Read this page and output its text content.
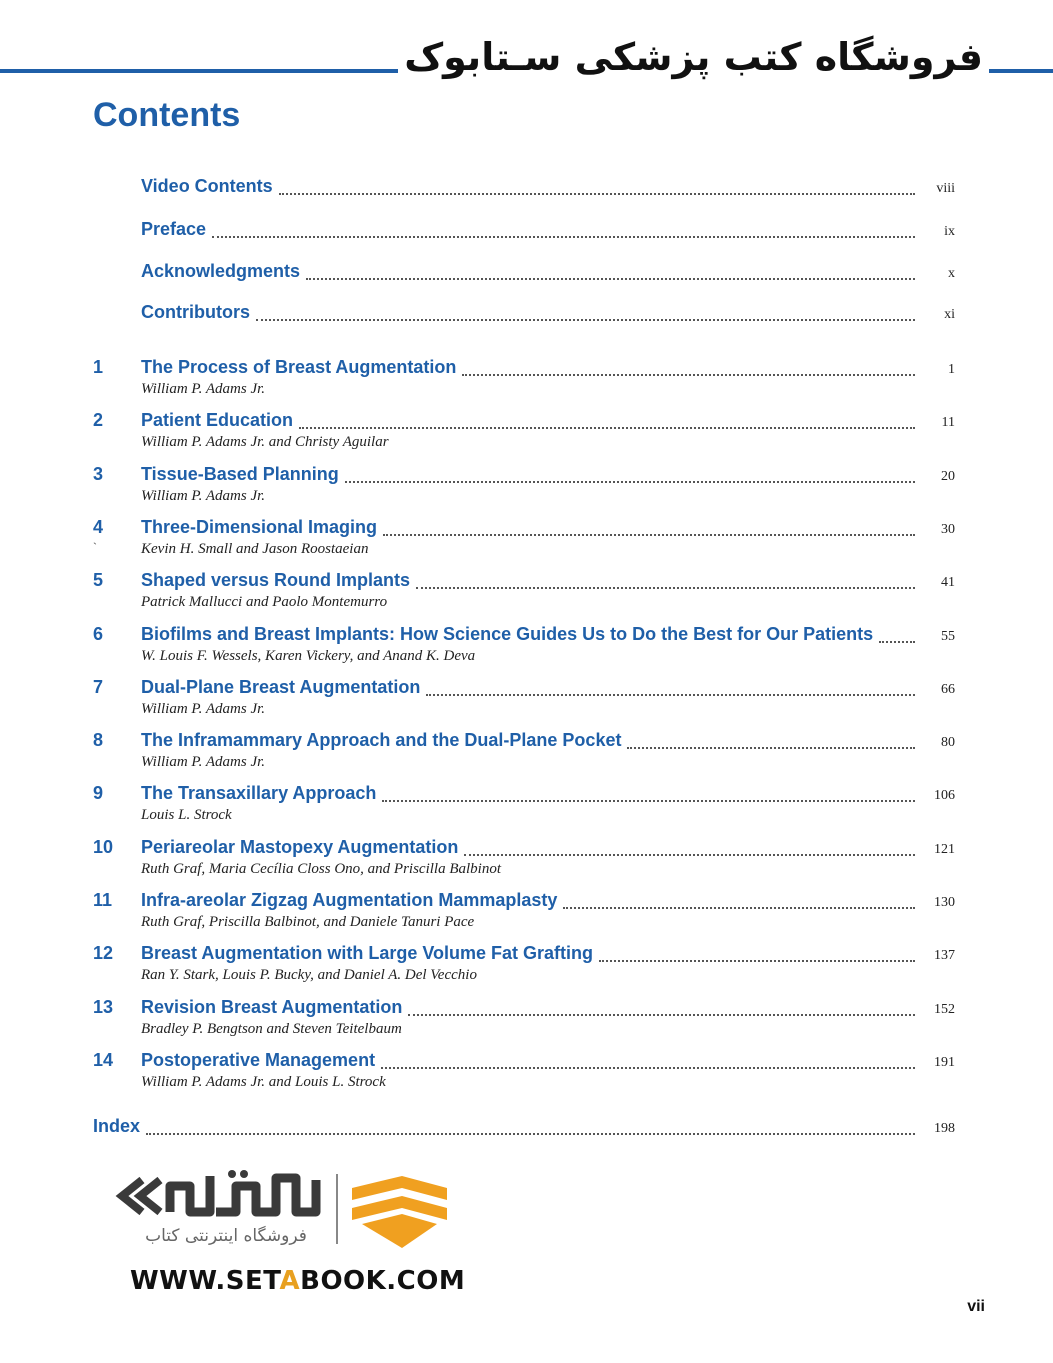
فروشگاه کتب پزشکی سـتابوک
Contents
Video Contents	viii
Preface	ix
Acknowledgments	x
Contributors	xi
1 The Process of Breast Augmentation	1
William P. Adams Jr.
2 Patient Education	11
William P. Adams Jr. and Christy Aguilar
3 Tissue-Based Planning	20
William P. Adams Jr.
4 Three-Dimensional Imaging	30
Kevin H. Small and Jason Roostaeian
5 Shaped versus Round Implants	41
Patrick Mallucci and Paolo Montemurro
6 Biofilms and Breast Implants: How Science Guides Us to Do the Best for Our Patients	55
W. Louis F. Wessels, Karen Vickery, and Anand K. Deva
7 Dual-Plane Breast Augmentation	66
William P. Adams Jr.
8 The Inframammary Approach and the Dual-Plane Pocket	80
William P. Adams Jr.
9 The Transaxillary Approach	106
Louis L. Strock
10 Periareolar Mastopexy Augmentation	121
Ruth Graf, Maria Cecília Closs Ono, and Priscilla Balbinot
11 Infra-areolar Zigzag Augmentation Mammaplasty	130
Ruth Graf, Priscilla Balbinot, and Daniele Tanuri Pace
12 Breast Augmentation with Large Volume Fat Grafting	137
Ran Y. Stark, Louis P. Bucky, and Daniel A. Del Vecchio
13 Revision Breast Augmentation	152
Bradley P. Bengtson and Steven Teitelbaum
14 Postoperative Management	191
William P. Adams Jr. and Louis L. Strock
`
Index	198
فروشگاه اینترنتی کتاب
WWW.SETABOOK.COM
vii
